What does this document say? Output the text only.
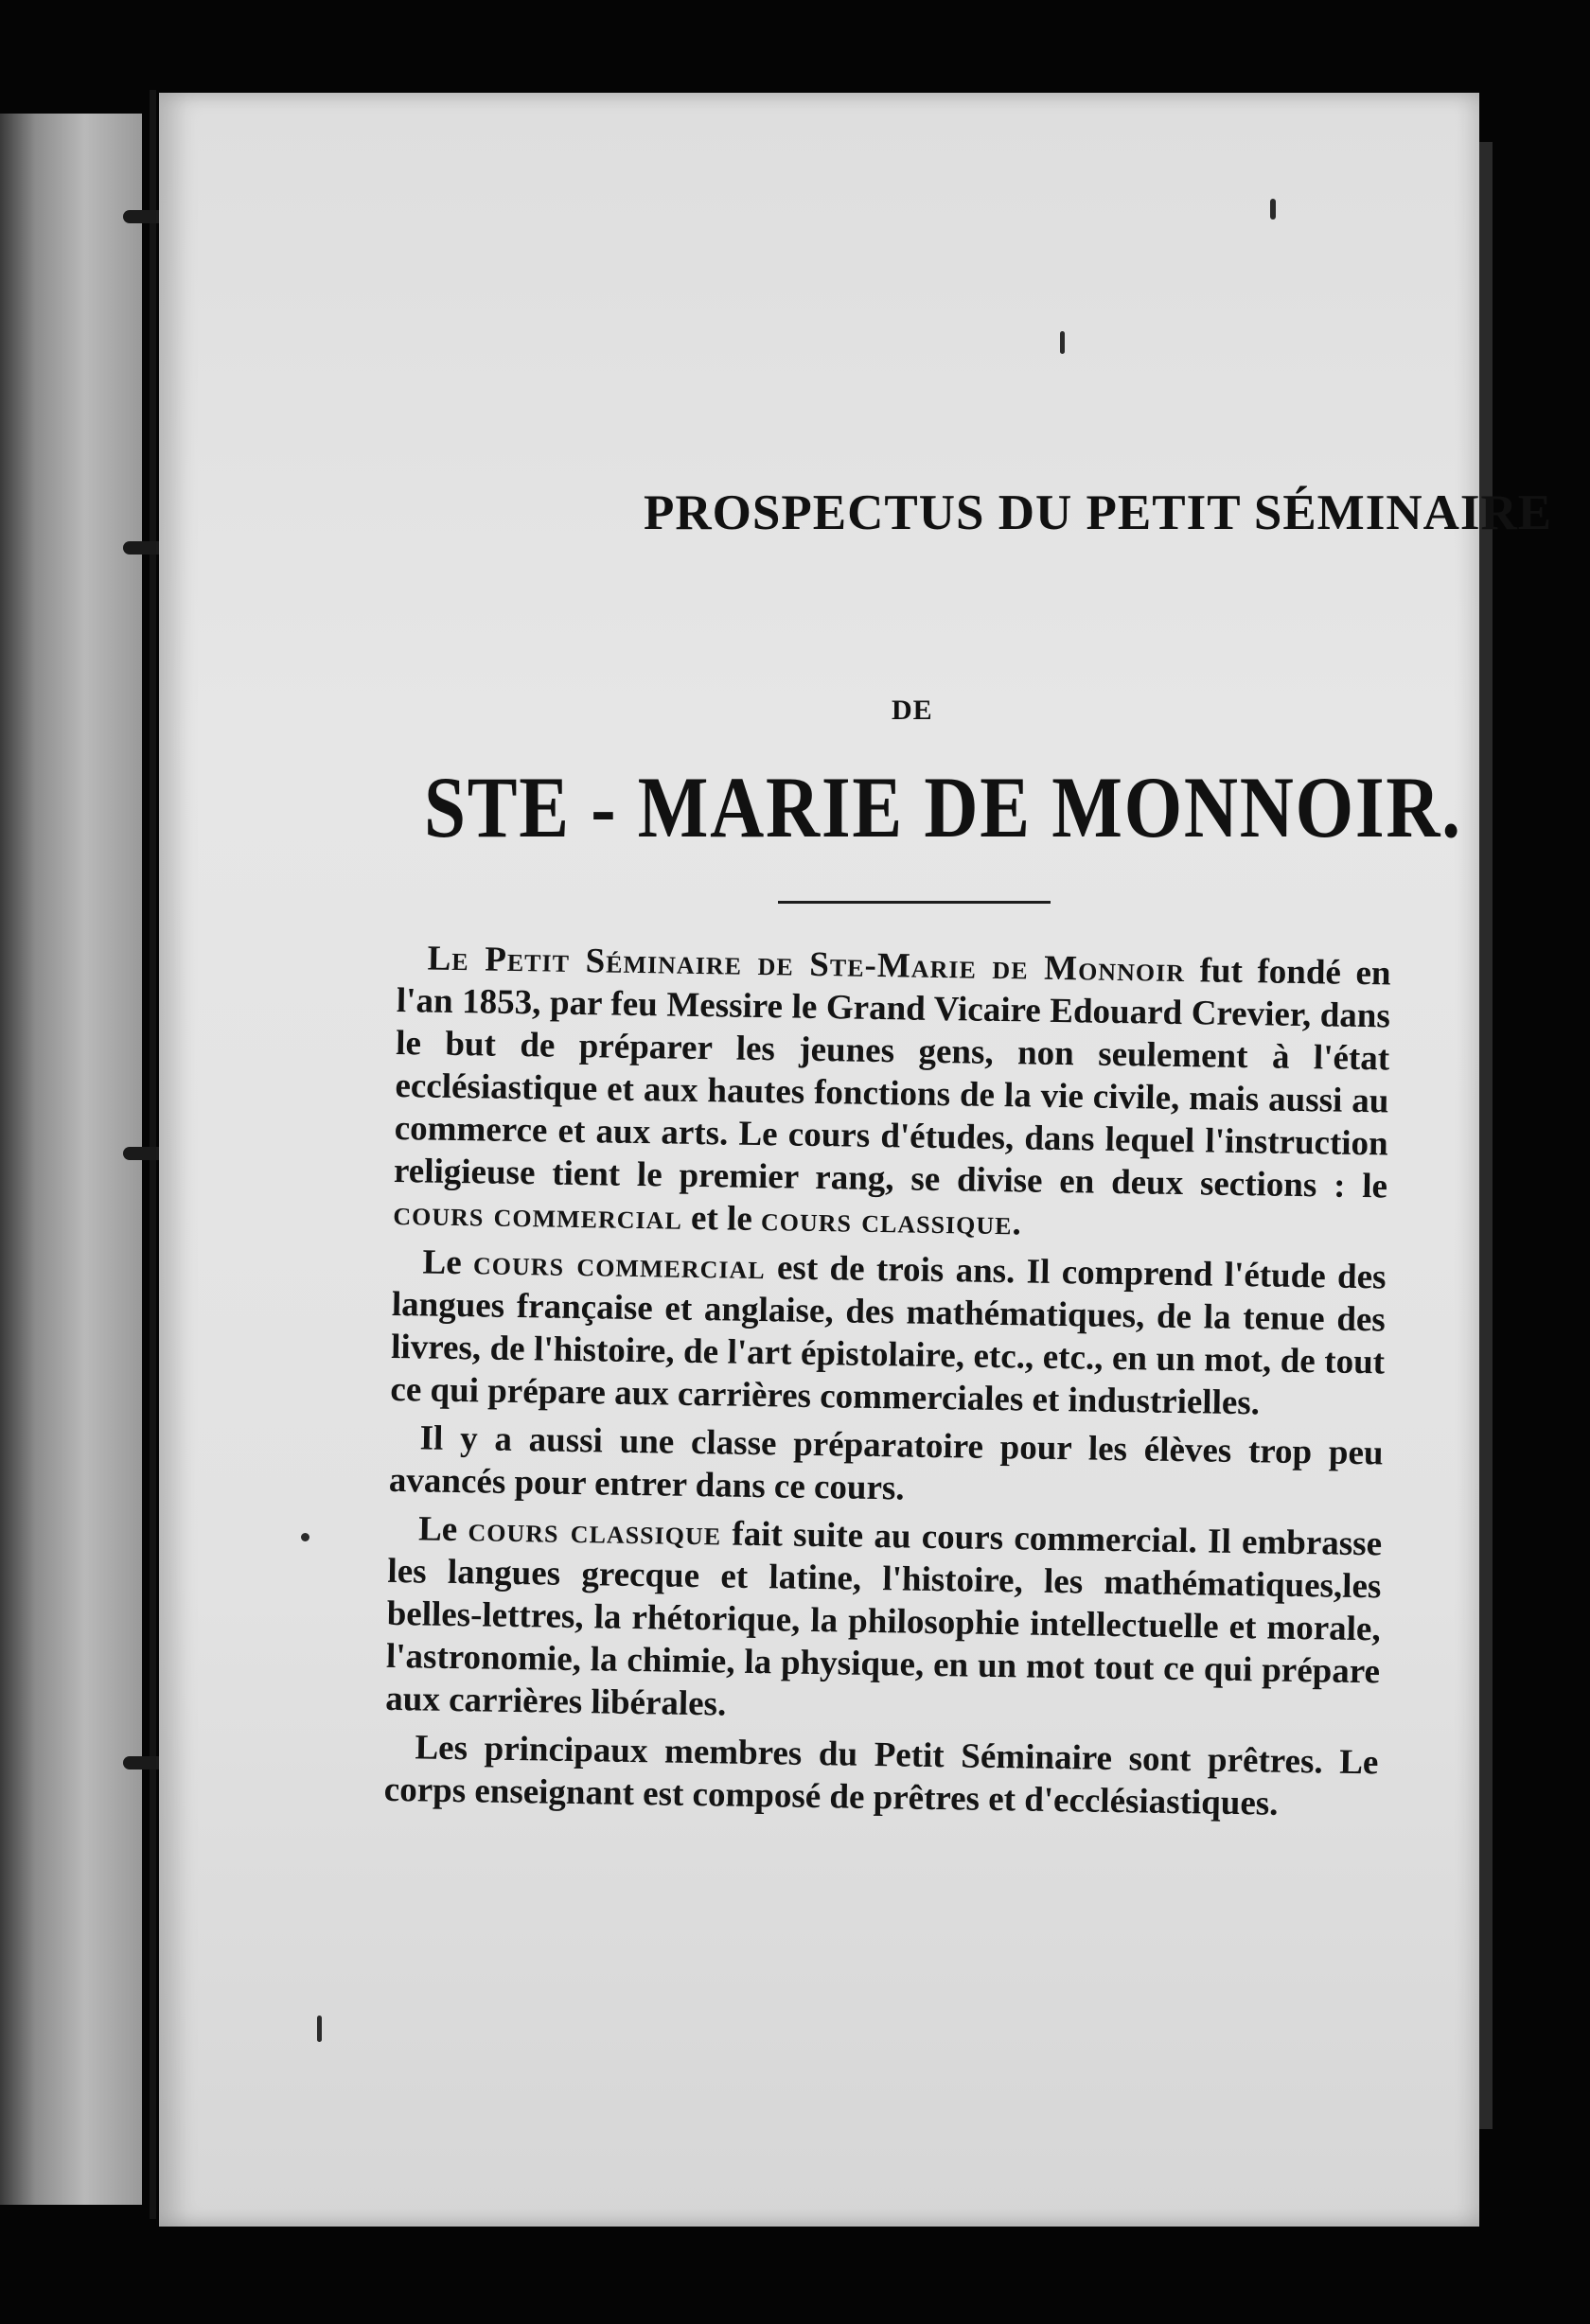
PROSPECTUS DU PETIT SÉMINAIRE
DE
STE - MARIE DE MONNOIR.

Le Petit Séminaire de Ste-Marie de Monnoir fut fondé en l'an 1853, par feu Messire le Grand Vicaire Edouard Crevier, dans le but de préparer les jeunes gens, non seulement à l'état ecclésiastique et aux hautes fonctions de la vie civile, mais aussi au commerce et aux arts. Le cours d'études, dans lequel l'instruction religieuse tient le premier rang, se divise en deux sections : le cours commercial et le cours classique.

Le cours commercial est de trois ans. Il comprend l'étude des langues française et anglaise, des mathématiques, de la tenue des livres, de l'histoire, de l'art épistolaire, etc., etc., en un mot, de tout ce qui prépare aux carrières commerciales et industrielles.

Il y a aussi une classe préparatoire pour les élèves trop peu avancés pour entrer dans ce cours.

Le cours classique fait suite au cours commercial. Il embrasse les langues grecque et latine, l'histoire, les mathématiques,les belles-lettres, la rhétorique, la philosophie intellectuelle et morale, l'astronomie, la chimie, la physique, en un mot tout ce qui prépare aux carrières libérales.

Les principaux membres du Petit Séminaire sont prêtres. Le corps enseignant est composé de prêtres et d'ecclésiastiques.
